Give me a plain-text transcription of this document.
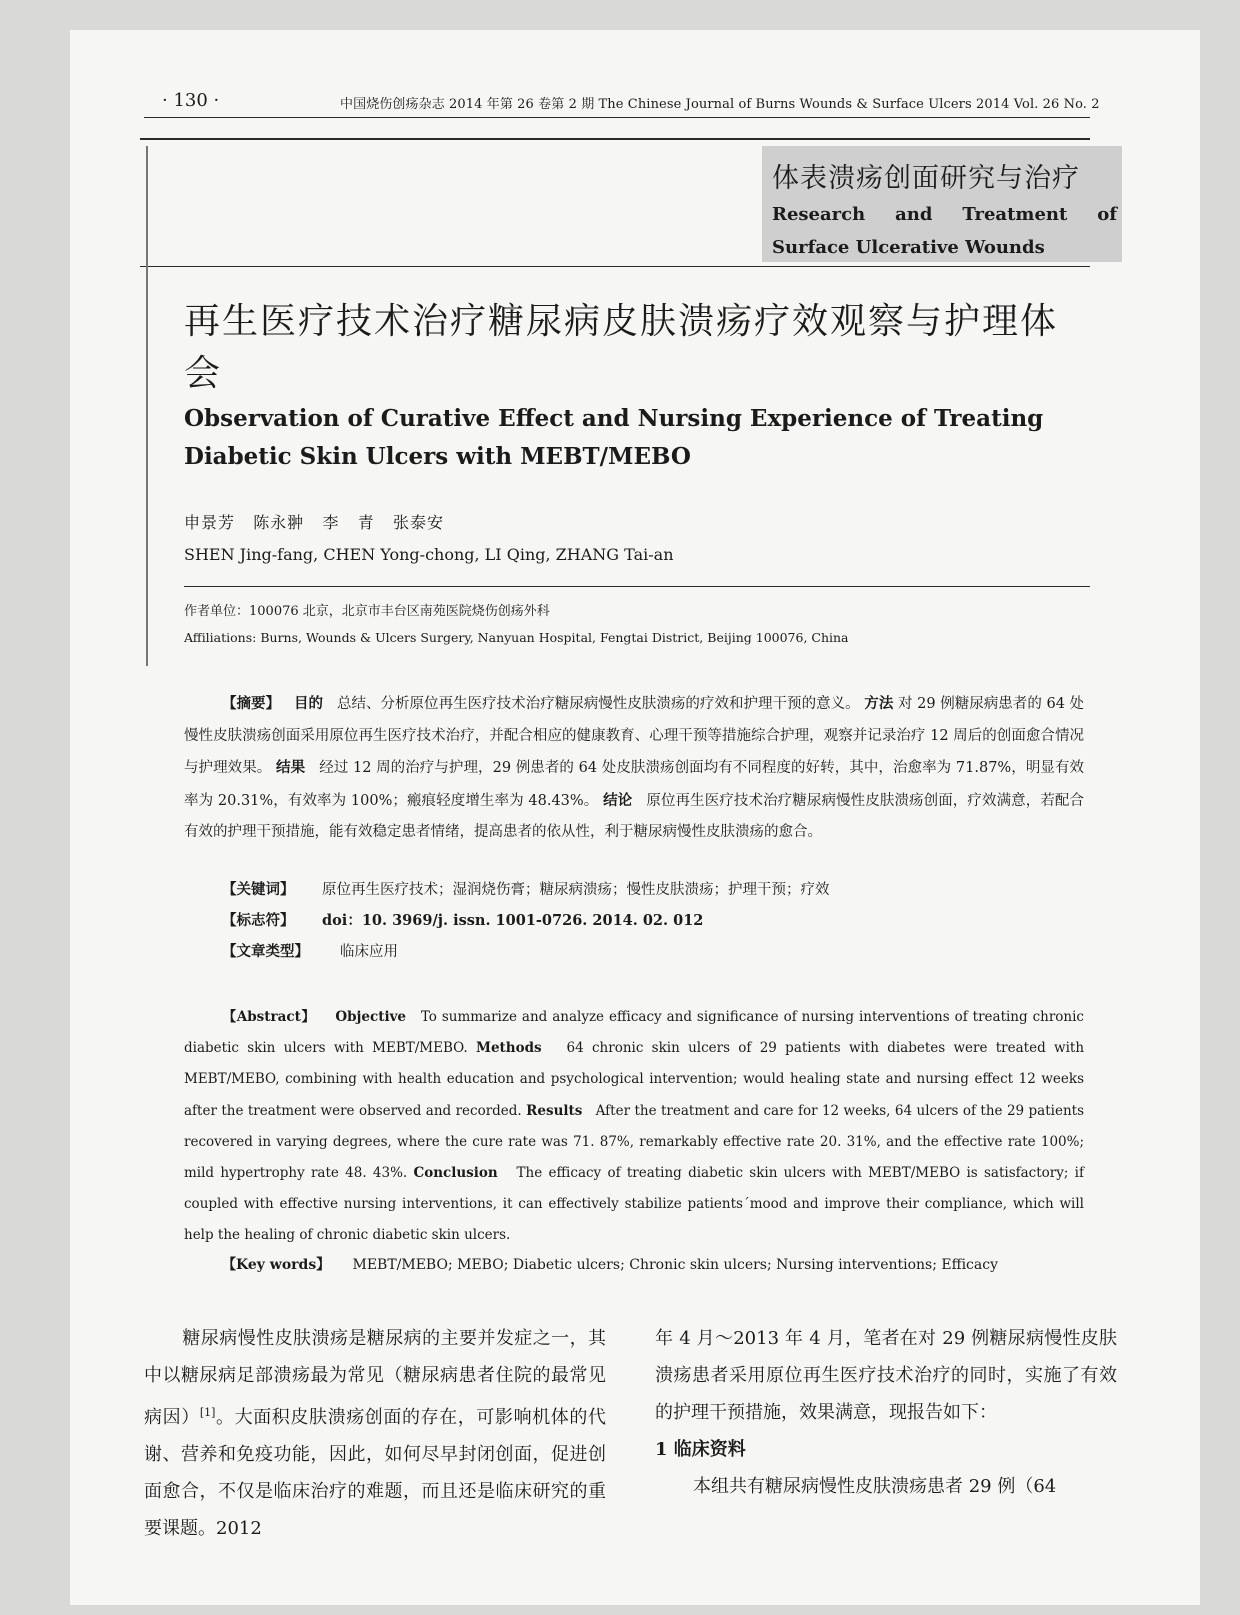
· 130 ·	中国烧伤创疡杂志 2014 年第 26 卷第 2 期 The Chinese Journal of Burns Wounds & Surface Ulcers 2014 Vol. 26 No. 2
体表溃疡创面研究与治疗
Research and Treatment of Surface Ulcerative Wounds
再生医疗技术治疗糖尿病皮肤溃疡疗效观察与护理体会
Observation of Curative Effect and Nursing Experience of Treating Diabetic Skin Ulcers with MEBT/MEBO
申景芳   陈永翀   李   青   张泰安
SHEN Jing-fang, CHEN Yong-chong, LI Qing, ZHANG Tai-an
作者单位：100076 北京，北京市丰台区南苑医院烧伤创疡外科
Affiliations: Burns, Wounds & Ulcers Surgery, Nanyuan Hospital, Fengtai District, Beijing 100076, China
【摘要】 目的 总结、分析原位再生医疗技术治疗糖尿病慢性皮肤溃疡的疗效和护理干预的意义。 方法 对 29 例糖尿病患者的 64 处慢性皮肤溃疡创面采用原位再生医疗技术治疗，并配合相应的健康教育、心理干预等措施综合护理，观察并记录治疗 12 周后的创面愈合情况与护理效果。 结果 经过 12 周的治疗与护理，29 例患者的 64 处皮肤溃疡创面均有不同程度的好转，其中，治愈率为 71.87%，明显有效率为 20.31%，有效率为 100%；瘢痕轻度增生率为 48.43%。 结论 原位再生医疗技术治疗糖尿病慢性皮肤溃疡创面，疗效满意，若配合有效的护理干预措施，能有效稳定患者情绪，提高患者的依从性，利于糖尿病慢性皮肤溃疡的愈合。
【关键词】 原位再生医疗技术；湿润烧伤膏；糖尿病溃疡；慢性皮肤溃疡；护理干预；疗效
【标志符】 doi：10. 3969/j. issn. 1001-0726. 2014. 02. 012
【文章类型】 临床应用
【Abstract】 Objective To summarize and analyze efficacy and significance of nursing interventions of treating chronic diabetic skin ulcers with MEBT/MEBO. Methods 64 chronic skin ulcers of 29 patients with diabetes were treated with MEBT/MEBO, combining with health education and psychological intervention; would healing state and nursing effect 12 weeks after the treatment were observed and recorded. Results After the treatment and care for 12 weeks, 64 ulcers of the 29 patients recovered in varying degrees, where the cure rate was 71. 87%, remarkably effective rate 20. 31%, and the effective rate 100%; mild hypertrophy rate 48. 43%. Conclusion The efficacy of treating diabetic skin ulcers with MEBT/MEBO is satisfactory; if coupled with effective nursing interventions, it can effectively stabilize patients´mood and improve their compliance, which will help the healing of chronic diabetic skin ulcers.
【Key words】 MEBT/MEBO; MEBO; Diabetic ulcers; Chronic skin ulcers; Nursing interventions; Efficacy
糖尿病慢性皮肤溃疡是糖尿病的主要并发症之一，其中以糖尿病足部溃疡最为常见（糖尿病患者住院的最常见病因）[1]。大面积皮肤溃疡创面的存在，可影响机体的代谢、营养和免疫功能，因此，如何尽早封闭创面，促进创面愈合，不仅是临床治疗的难题，而且还是临床研究的重要课题。2012
年 4 月～2013 年 4 月，笔者在对 29 例糖尿病慢性皮肤溃疡患者采用原位再生医疗技术治疗的同时，实施了有效的护理干预措施，效果满意，现报告如下：
1 临床资料
本组共有糖尿病慢性皮肤溃疡患者 29 例（64
